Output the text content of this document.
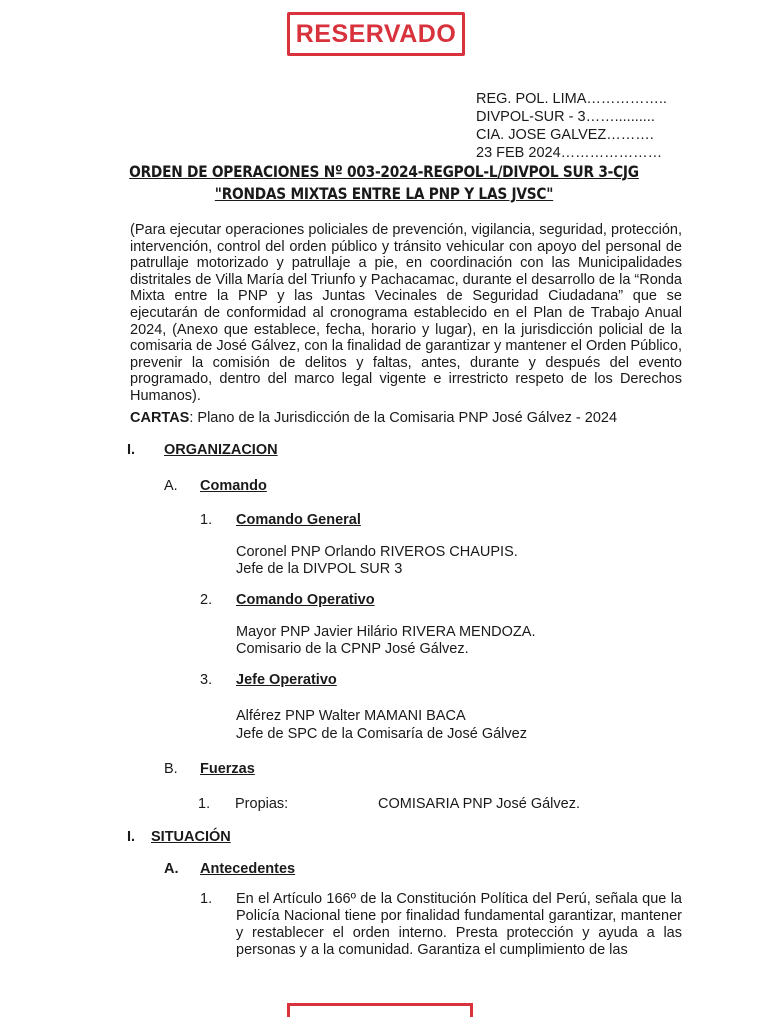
RESERVADO
REG. POL. LIMA……………..
DIVPOL-SUR - 3……..........
CIA. JOSE GALVEZ……….
23 FEB 2024…………………
ORDEN DE OPERACIONES Nº 003-2024-REGPOL-L/DIVPOL SUR 3-CJG
"RONDAS MIXTAS ENTRE LA PNP Y LAS JVSC"
(Para ejecutar operaciones policiales de prevención, vigilancia, seguridad, protección, intervención, control del orden público y tránsito vehicular con apoyo del personal de patrullaje motorizado y patrullaje a pie, en coordinación con las Municipalidades distritales de Villa María del Triunfo y Pachacamac, durante el desarrollo de la “Ronda Mixta entre la PNP y las Juntas Vecinales de Seguridad Ciudadana” que se ejecutarán de conformidad al cronograma establecido en el Plan de Trabajo Anual 2024, (Anexo que establece, fecha, horario y lugar), en la jurisdicción policial de la comisaria de José Gálvez, con la finalidad de garantizar y mantener el Orden Público, prevenir la comisión de delitos y faltas, antes, durante y después del evento programado, dentro del marco legal vigente e irrestricto respeto de los Derechos Humanos).
CARTAS: Plano de la Jurisdicción de la Comisaria PNP José Gálvez - 2024
I. ORGANIZACION
A. Comando
1. Comando General
Coronel PNP Orlando RIVEROS CHAUPIS.
Jefe de la DIVPOL SUR 3
2. Comando Operativo
Mayor PNP Javier Hilário RIVERA MENDOZA.
Comisario de la CPNP José Gálvez.
3. Jefe Operativo
Alférez PNP Walter MAMANI BACA
Jefe de SPC de la Comisaría de José Gálvez
B. Fuerzas
1. Propias:	COMISARIA PNP José Gálvez.
I. SITUACIÓN
A. Antecedentes
1. En el Artículo 166º de la Constitución Política del Perú, señala que la Policía Nacional tiene por finalidad fundamental garantizar, mantener y restablecer el orden interno. Presta protección y ayuda a las personas y a la comunidad. Garantiza el cumplimiento de las
